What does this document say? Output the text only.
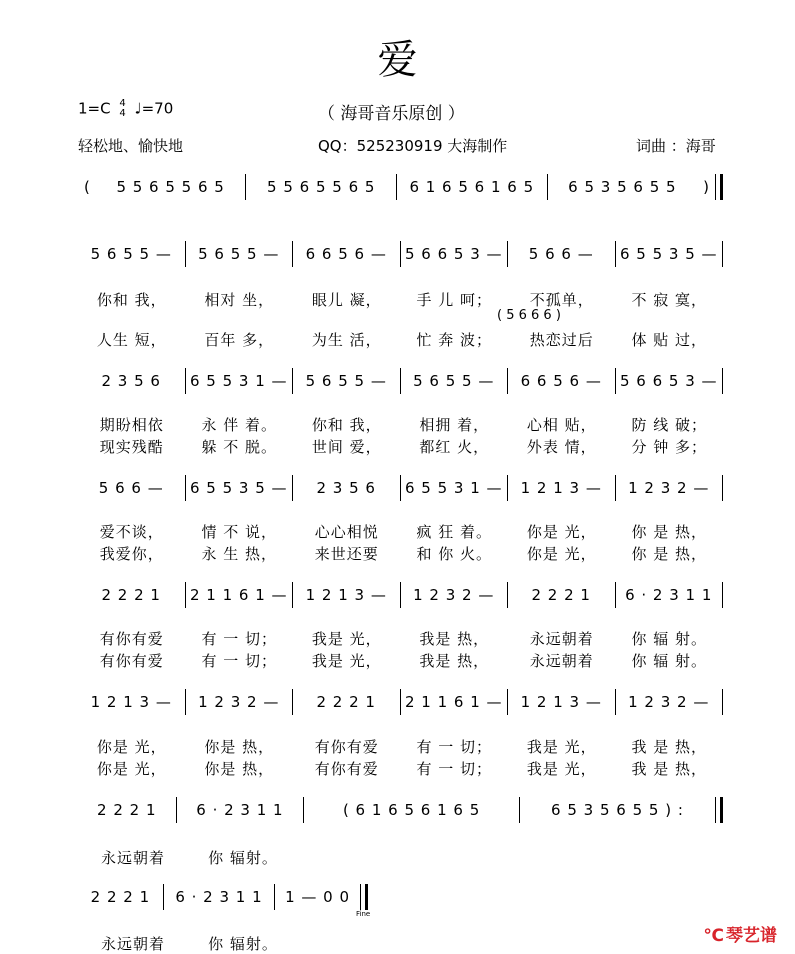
爱
1=C 4
4 ♩=70	（ 海哥音乐原创 ）
轻松地、愉快地	QQ：525230919 大海制作	词曲 ：海哥
(	5 5 6 5 5 6 5	5 5 6 5 5 6 5	6 1 6 5 6 1 6 5	6 5 3 5 6 5 5	)
5 6 5 5 —	5 6 5 5 —	6 6 5 6 —	5 6 6 5 3 —	5 6 6 —	6 5 5 3 5 —
你和 我，	相对 坐，	眼儿 凝，	手 儿 呵；	不孤单，	不 寂 寞，
( 5 6 6 6 )
人生 短，	百年 多，	为生 活，	忙 奔 波；	热恋过后	体 贴 过，
2 3 5 6	6 5 5 3 1 —	5 6 5 5 —	5 6 5 5 —	6 6 5 6 —	5 6 6 5 3 —
期盼相依	永 伴 着。	你和 我，	相拥 着，	心相 贴，	防 线 破；
现实残酷	躲 不 脱。	世间 爱，	都红 火，	外表 情，	分 钟 多；
5 6 6 —	6 5 5 3 5 —	2 3 5 6	6 5 5 3 1 —	1 2 1 3 —	1 2 3 2 —
爱不谈，	情 不 说，	心心相悦	疯 狂 着。	你是 光，	你 是 热，
我爱你，	永 生 热，	来世还要	和 你 火。	你是 光，	你 是 热，
2 2 2 1	2 1 1 6 1 —	1 2 1 3 —	1 2 3 2 —	2 2 2 1	6 · 2 3 1 1
有你有爱	有 一 切；	我是 光，	我是 热，	永远朝着	你 辐 射。
有你有爱	有 一 切；	我是 光，	我是 热，	永远朝着	你 辐 射。
1 2 1 3 —	1 2 3 2 —	2 2 2 1	2 1 1 6 1 —	1 2 1 3 —	1 2 3 2 —
你是 光，	你是 热，	有你有爱	有 一 切；	我是 光，	我 是 热，
你是 光，	你是 热，	有你有爱	有 一 切；	我是 光，	我 是 热，
2 2 2 1	6 · 2 3 1 1	( 6 1 6 5 6 1 6 5	6 5 3 5 6 5 5 ) :
永远朝着	你 辐射。
2 2 2 1	6 · 2 3 1 1	1 — 0 0
Fine
永远朝着	你 辐射。	℃ 琴艺谱
